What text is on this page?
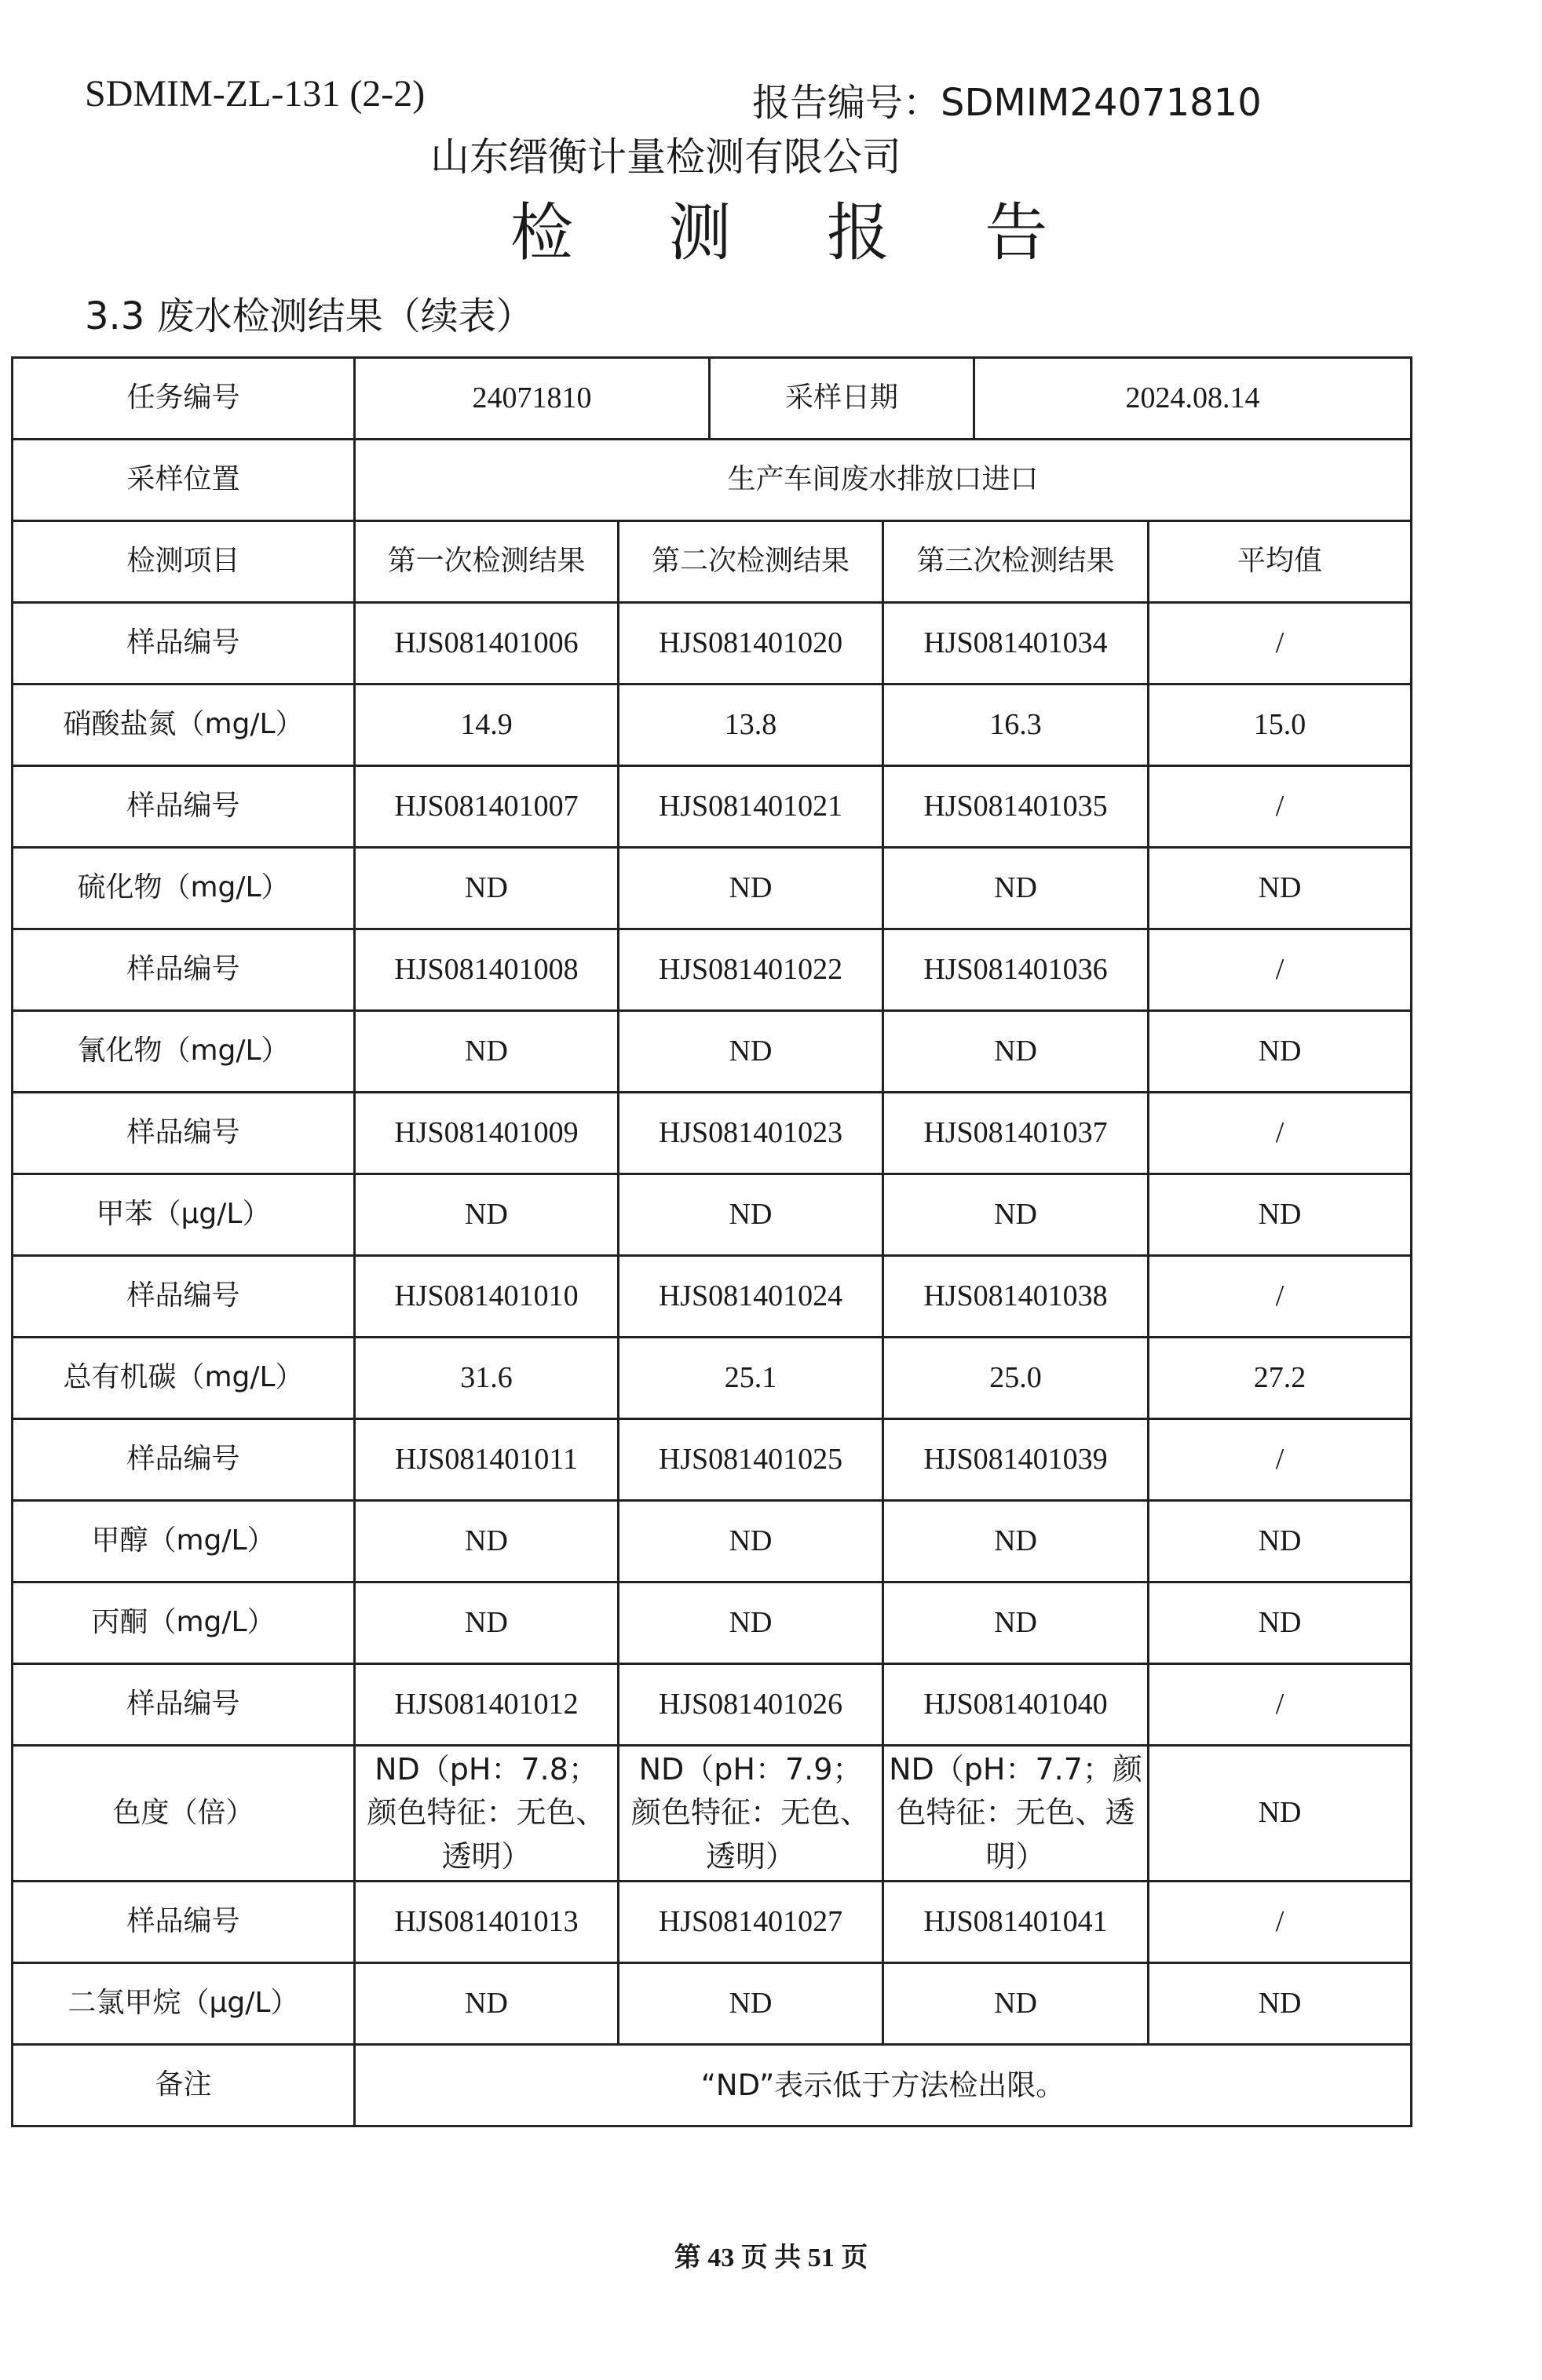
SDMIM-ZL-131 (2-2)	报告编号：SDMIM24071810
山东缙衡计量检测有限公司
检 测 报 告
3.3 废水检测结果（续表）
任务编号	24071810		采样日期		2024.08.14	
采样位置	生产车间废水排放口进口					
检测项目	第一次检测结果	第二次检测结果		第三次检测结果		平均值
样品编号	HJS081401006	HJS081401020		HJS081401034		/
硝酸盐氮（mg/L）	14.9	13.8		16.3		15.0
样品编号	HJS081401007	HJS081401021		HJS081401035		/
硫化物（mg/L）	ND	ND		ND		ND
样品编号	HJS081401008	HJS081401022		HJS081401036		/
氰化物（mg/L）	ND	ND		ND		ND
样品编号	HJS081401009	HJS081401023		HJS081401037		/
甲苯（μg/L）	ND	ND		ND		ND
样品编号	HJS081401010	HJS081401024		HJS081401038		/
总有机碳（mg/L）	31.6	25.1		25.0		27.2
样品编号	HJS081401011	HJS081401025		HJS081401039		/
甲醇（mg/L）	ND	ND		ND		ND
丙酮（mg/L）	ND	ND		ND		ND
样品编号	HJS081401012	HJS081401026		HJS081401040		/
色度（倍）	ND（pH：7.8；颜色特征：无色、透明）	ND（pH：7.9；颜色特征：无色、透明）		ND（pH：7.7；颜色特征：无色、透明）		ND
样品编号	HJS081401013	HJS081401027		HJS081401041		/
二氯甲烷（μg/L）	ND	ND		ND		ND
备注	“ND”表示低于方法检出限。					
第 43 页 共 51 页
